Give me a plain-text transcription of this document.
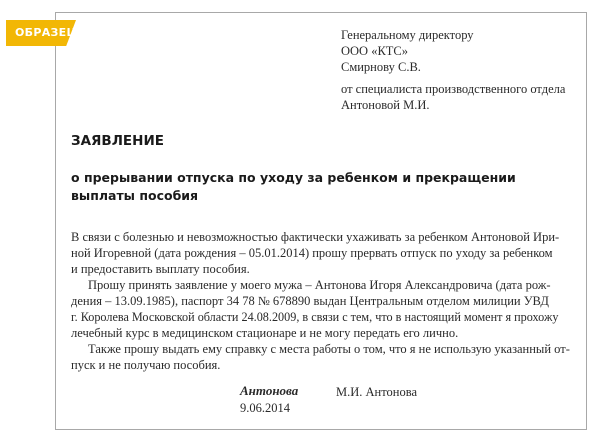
ОБРАЗЕЦ	Генеральному директору
ООО «КТС»
Смирнову С.В.
от специалиста производственного отдела
Антоновой М.И.
ЗАЯВЛЕНИЕ
о прерывании отпуска по уходу за ребенком и прекращении
выплаты пособия
В связи с болезнью и невозможностью фактически ухаживать за ребенком Антоновой Ири-
ной Игоревной (дата рождения – 05.01.2014) прошу прервать отпуск по уходу за ребенком
и предоставить выплату пособия.
Прошу принять заявление у моего мужа – Антонова Игоря Александровича (дата рож-
дения – 13.09.1985), паспорт 34 78 № 678890 выдан Центральным отделом милиции УВД
г. Королева Московской области 24.08.2009, в связи с тем, что в настоящий момент я прохожу
лечебный курс в медицинском стационаре и не могу передать его лично.
Также прошу выдать ему справку с места работы о том, что я не использую указанный от-
пуск и не получаю пособия.
Антонова	М.И. Антонова
9.06.2014
